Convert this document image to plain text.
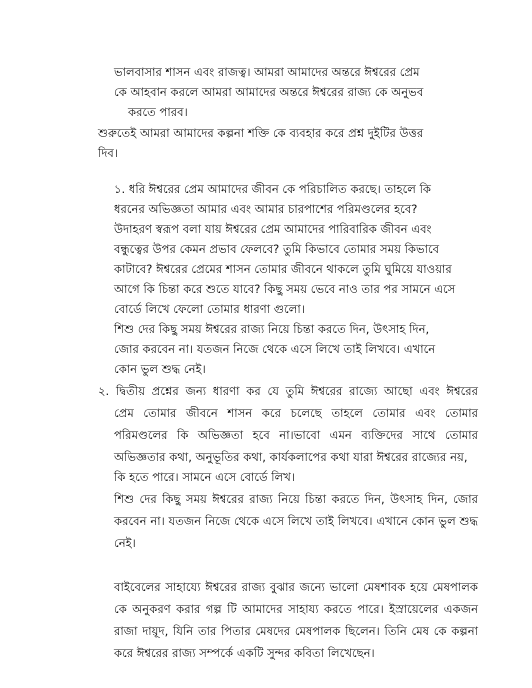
ভালবাসার শাসন এবং রাজত্ব। আমরা আমাদের অন্তরে ঈশ্বরের প্রেম
কে আহবান করলে আমরা আমাদের অন্তরে ঈশ্বরের রাজ্য কে অনুভব
করতে পারব।
শুরুতেই আমরা আমাদের কল্পনা শক্তি কে ব্যবহার করে প্রশ্ন দুইটির উত্তর
দিব।
১. ধরি ঈশ্বরের প্রেম আমাদের জীবন কে পরিচালিত করছে। তাহলে কি
ধরনের অভিজ্ঞতা আমার এবং আমার চারপাশের পরিমণ্ডলের হবে?
উদাহরণ স্বরূপ বলা যায় ঈশ্বরের প্রেম আমাদের পারিবারিক জীবন এবং
বন্ধুত্বের উপর কেমন প্রভাব ফেলবে? তুমি কিভাবে তোমার সময় কিভাবে
কাটাবে? ঈশ্বরের প্রেমের শাসন তোমার জীবনে থাকলে তুমি ঘুমিয়ে যাওয়ার
আগে কি চিন্তা করে শুতে যাবে? কিছু সময় ভেবে নাও তার পর সামনে এসে
বোর্ডে লিখে ফেলো তোমার ধারণা গুলো।
শিশু দের কিছু সময় ঈশ্বরের রাজ্য নিয়ে চিন্তা করতে দিন, উৎসাহ দিন,
জোর করবেন না। যতজন নিজে থেকে এসে লিখে তাই লিখবে। এখানে
কোন ভুল শুদ্ধ নেই।
২. দ্বিতীয় প্রশ্নের জন্য ধারণা কর যে তুমি ঈশ্বরের রাজ্যে আছো এবং ঈশ্বরের
প্রেম তোমার জীবনে শাসন করে চলেছে তাহলে তোমার এবং তোমার
পরিমণ্ডলের কি অভিজ্ঞতা হবে না।ভাবো এমন ব্যক্তিদের সাথে তোমার
অভিজ্ঞতার কথা, অনুভূতির কথা, কার্যকলাপের কথা যারা ঈশ্বরের রাজ্যের নয়,
কি হতে পারে। সামনে এসে বোর্ডে লিখ।
শিশু দের কিছু সময় ঈশ্বরের রাজ্য নিয়ে চিন্তা করতে দিন, উৎসাহ দিন, জোর
করবেন না। যতজন নিজে থেকে এসে লিখে তাই লিখবে। এখানে কোন ভুল শুদ্ধ
নেই।
বাইবেলের সাহায্যে ঈশ্বরের রাজ্য বুঝার জন্যে ভালো মেষশাবক হয়ে মেষপালক
কে অনুকরণ করার গল্প টি আমাদের সাহায্য করতে পারে। ইস্রায়েলের একজন
রাজা দায়ূদ, যিনি তার পিতার মেষদের মেষপালক ছিলেন। তিনি মেষ কে কল্পনা
করে ঈশ্বরের রাজ্য সম্পর্কে একটি সুন্দর কবিতা লিখেছেন।
